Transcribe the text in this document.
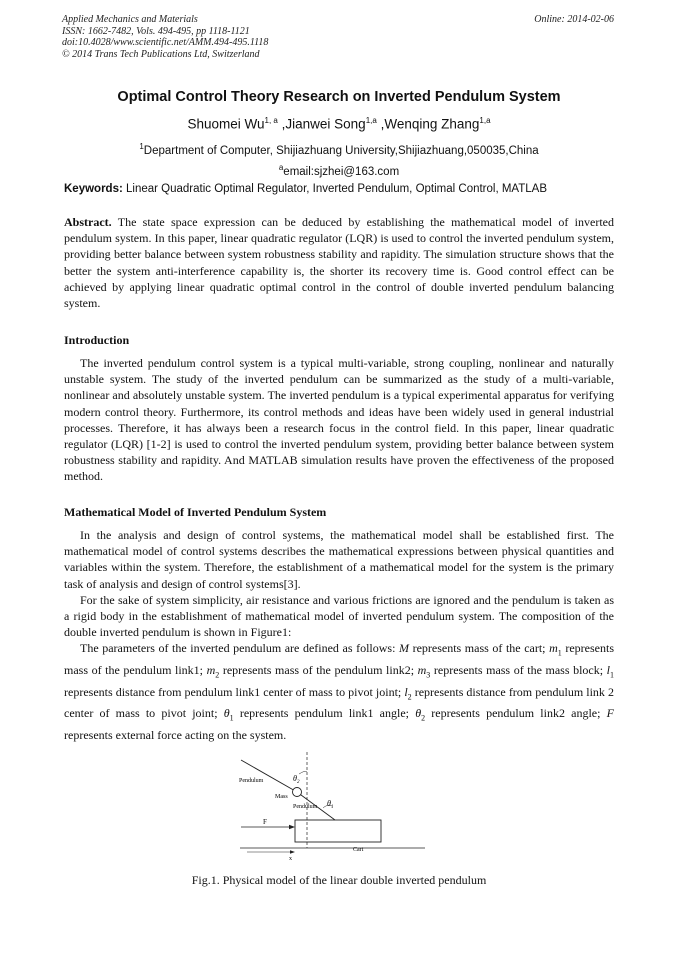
Applied Mechanics and Materials
ISSN: 1662-7482, Vols. 494-495, pp 1118-1121
doi:10.4028/www.scientific.net/AMM.494-495.1118
© 2014 Trans Tech Publications Ltd, Switzerland
Online: 2014-02-06
Optimal Control Theory Research on Inverted Pendulum System
Shuomei Wu$^{1, a}$ ,Jianwei Song$^{1,a}$ ,Wenqing Zhang$^{1,a}$
$^1$Department of Computer, Shijiazhuang University,Shijiazhuang,050035,China
$^a$email:sjzhei@163.com
Keywords: Linear Quadratic Optimal Regulator, Inverted Pendulum, Optimal Control, MATLAB

Abstract. The state space expression can be deduced by establishing the mathematical model of inverted pendulum system. In this paper, linear quadratic regulator (LQR) is used to control the inverted pendulum system, providing better balance between system robustness stability and rapidity. The simulation structure shows that the better the system anti-interference capability is, the shorter its recovery time is. Good control effect can be achieved by applying linear quadratic optimal control in the control of double inverted pendulum balancing system.

Introduction

The inverted pendulum control system is a typical multi-variable, strong coupling, nonlinear and naturally unstable system. The study of the inverted pendulum can be summarized as the study of a multi-variable, nonlinear and absolutely unstable system. The inverted pendulum is a typical experimental apparatus for verifying modern control theory. Furthermore, its control methods and ideas have been widely used in general industrial processes. Therefore, it has always been a research focus in the control field. In this paper, linear quadratic regulator (LQR) [1-2] is used to control the inverted pendulum system, providing better balance between system robustness stability and rapidity. And MATLAB simulation results have proven the effectiveness of the proposed method.

Mathematical Model of Inverted Pendulum System

In the analysis and design of control systems, the mathematical model shall be established first. The mathematical model of control systems describes the mathematical expressions between physical quantities and variables within the system. Therefore, the establishment of a mathematical model for the system is the primary task of analysis and design of control systems[3].

For the sake of system simplicity, air resistance and various frictions are ignored and the pendulum is taken as a rigid body in the establishment of mathematical model of inverted pendulum system. The composition of the double inverted pendulum is shown in Figure1:

The parameters of the inverted pendulum are defined as follows: M represents mass of the cart; $m_1$ represents mass of the pendulum link1; $m_2$ represents mass of the pendulum link2; $m_3$ represents mass of the mass block; $l_1$ represents distance from pendulum link1 center of mass to pivot joint; $l_2$ represents distance from pendulum link 2 center of mass to pivot joint; $\theta_1$ represents pendulum link1 angle; $\theta_2$ represents pendulum link2 angle; F represents external force acting on the system.

Pendulum
Mass
Pendulum
$\theta_2$
$\theta_1$
F
Cart
x
Fig.1. Physical model of the linear double inverted pendulum
